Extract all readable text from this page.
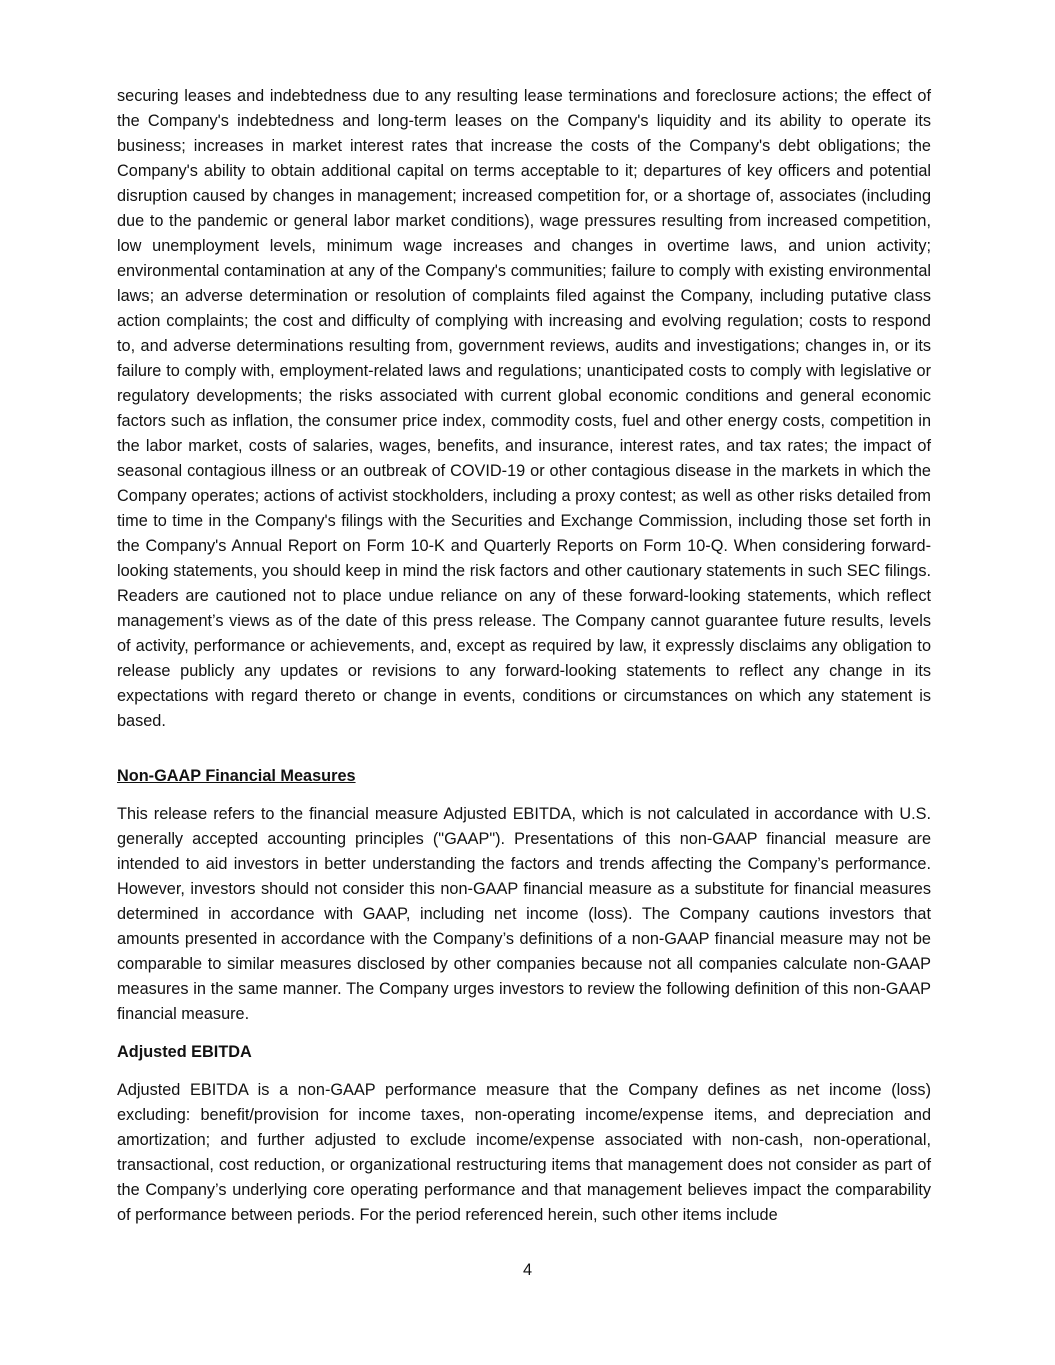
securing leases and indebtedness due to any resulting lease terminations and foreclosure actions; the effect of the Company's indebtedness and long-term leases on the Company's liquidity and its ability to operate its business; increases in market interest rates that increase the costs of the Company's debt obligations; the Company's ability to obtain additional capital on terms acceptable to it; departures of key officers and potential disruption caused by changes in management; increased competition for, or a shortage of, associates (including due to the pandemic or general labor market conditions), wage pressures resulting from increased competition, low unemployment levels, minimum wage increases and changes in overtime laws, and union activity; environmental contamination at any of the Company's communities; failure to comply with existing environmental laws; an adverse determination or resolution of complaints filed against the Company, including putative class action complaints; the cost and difficulty of complying with increasing and evolving regulation; costs to respond to, and adverse determinations resulting from, government reviews, audits and investigations; changes in, or its failure to comply with, employment-related laws and regulations; unanticipated costs to comply with legislative or regulatory developments; the risks associated with current global economic conditions and general economic factors such as inflation, the consumer price index, commodity costs, fuel and other energy costs, competition in the labor market, costs of salaries, wages, benefits, and insurance, interest rates, and tax rates; the impact of seasonal contagious illness or an outbreak of COVID-19 or other contagious disease in the markets in which the Company operates; actions of activist stockholders, including a proxy contest; as well as other risks detailed from time to time in the Company's filings with the Securities and Exchange Commission, including those set forth in the Company's Annual Report on Form 10-K and Quarterly Reports on Form 10-Q. When considering forward-looking statements, you should keep in mind the risk factors and other cautionary statements in such SEC filings. Readers are cautioned not to place undue reliance on any of these forward-looking statements, which reflect management’s views as of the date of this press release. The Company cannot guarantee future results, levels of activity, performance or achievements, and, except as required by law, it expressly disclaims any obligation to release publicly any updates or revisions to any forward-looking statements to reflect any change in its expectations with regard thereto or change in events, conditions or circumstances on which any statement is based.

Non-GAAP Financial Measures

This release refers to the financial measure Adjusted EBITDA, which is not calculated in accordance with U.S. generally accepted accounting principles ("GAAP"). Presentations of this non-GAAP financial measure are intended to aid investors in better understanding the factors and trends affecting the Company’s performance. However, investors should not consider this non-GAAP financial measure as a substitute for financial measures determined in accordance with GAAP, including net income (loss). The Company cautions investors that amounts presented in accordance with the Company’s definitions of a non-GAAP financial measure may not be comparable to similar measures disclosed by other companies because not all companies calculate non-GAAP measures in the same manner. The Company urges investors to review the following definition of this non-GAAP financial measure.

Adjusted EBITDA

Adjusted EBITDA is a non-GAAP performance measure that the Company defines as net income (loss) excluding: benefit/provision for income taxes, non-operating income/expense items, and depreciation and amortization; and further adjusted to exclude income/expense associated with non-cash, non-operational, transactional, cost reduction, or organizational restructuring items that management does not consider as part of the Company’s underlying core operating performance and that management believes impact the comparability of performance between periods. For the period referenced herein, such other items include

4
